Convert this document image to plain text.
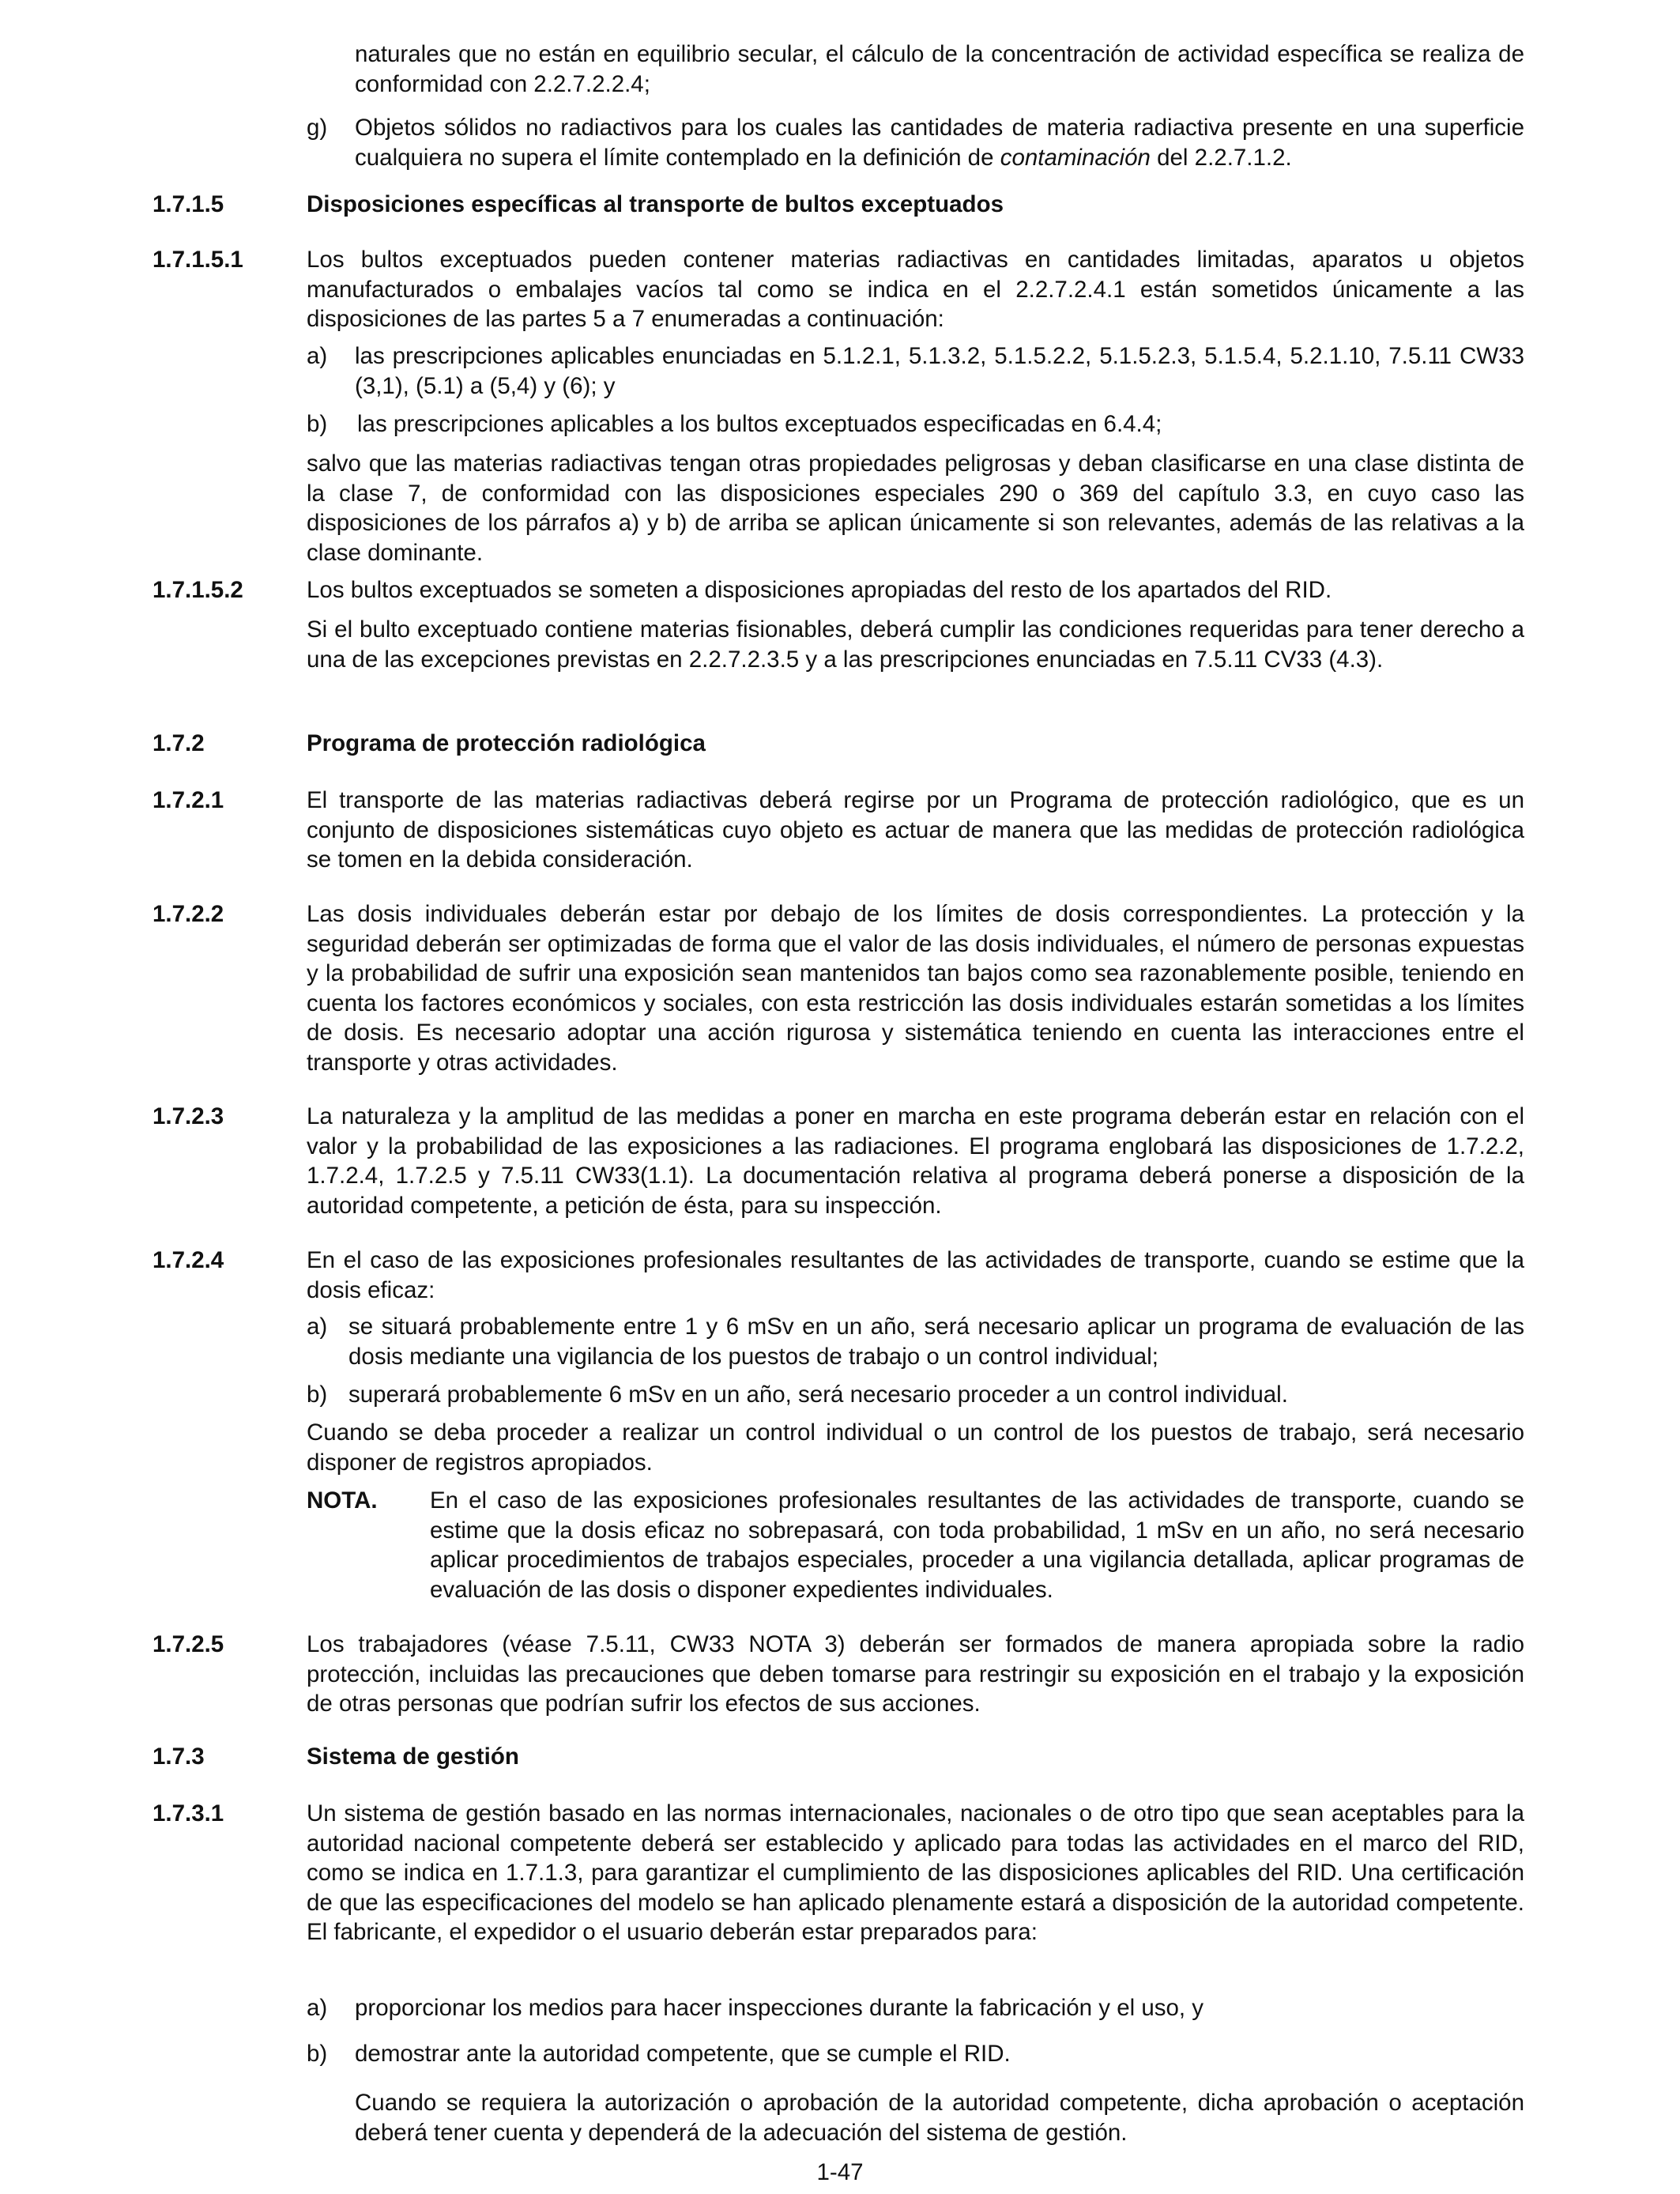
naturales que no están en equilibrio secular, el cálculo de la concentración de actividad específica se realiza de conformidad con 2.2.7.2.2.4;

g) Objetos sólidos no radiactivos para los cuales las cantidades de materia radiactiva presente en una superficie cualquiera no supera el límite contemplado en la definición de contaminación del 2.2.7.1.2.

1.7.1.5	Disposiciones específicas al transporte de bultos exceptuados
1.7.1.5.1	Los bultos exceptuados pueden contener materias radiactivas en cantidades limitadas, aparatos u objetos manufacturados o embalajes vacíos tal como se indica en el 2.2.7.2.4.1 están sometidos únicamente a las disposiciones de las partes 5 a 7 enumeradas a continuación:

a) las prescripciones aplicables enunciadas en 5.1.2.1, 5.1.3.2, 5.1.5.2.2, 5.1.5.2.3, 5.1.5.4, 5.2.1.10, 7.5.11 CW33 (3,1), (5.1) a (5,4) y (6); y

b) las prescripciones aplicables a los bultos exceptuados especificadas en 6.4.4;

salvo que las materias radiactivas tengan otras propiedades peligrosas y deban clasificarse en una clase distinta de la clase 7, de conformidad con las disposiciones especiales 290 o 369 del capítulo 3.3, en cuyo caso las disposiciones de los párrafos a) y b) de arriba se aplican únicamente si son relevantes, además de las relativas a la clase dominante.

1.7.1.5.2	Los bultos exceptuados se someten a disposiciones apropiadas del resto de los apartados del RID.

Si el bulto exceptuado contiene materias fisionables, deberá cumplir las condiciones requeridas para tener derecho a una de las excepciones previstas en 2.2.7.2.3.5 y a las prescripciones enunciadas en 7.5.11 CV33 (4.3).

1.7.2	Programa de protección radiológica
1.7.2.1	El transporte de las materias radiactivas deberá regirse por un Programa de protección radiológico, que es un conjunto de disposiciones sistemáticas cuyo objeto es actuar de manera que las medidas de protección radiológica se tomen en la debida consideración.

1.7.2.2	Las dosis individuales deberán estar por debajo de los límites de dosis correspondientes. La protección y la seguridad deberán ser optimizadas de forma que el valor de las dosis individuales, el número de personas expuestas y la probabilidad de sufrir una exposición sean mantenidos tan bajos como sea razonablemente posible, teniendo en cuenta los factores económicos y sociales, con esta restricción las dosis individuales estarán sometidas a los límites de dosis. Es necesario adoptar una acción rigurosa y sistemática teniendo en cuenta las interacciones entre el transporte y otras actividades.

1.7.2.3	La naturaleza y la amplitud de las medidas a poner en marcha en este programa deberán estar en relación con el valor y la probabilidad de las exposiciones a las radiaciones. El programa englobará las disposiciones de 1.7.2.2, 1.7.2.4, 1.7.2.5 y 7.5.11 CW33(1.1). La documentación relativa al programa deberá ponerse a disposición de la autoridad competente, a petición de ésta, para su inspección.

1.7.2.4	En el caso de las exposiciones profesionales resultantes de las actividades de transporte, cuando se estime que la dosis eficaz:

a) se situará probablemente entre 1 y 6 mSv en un año, será necesario aplicar un programa de evaluación de las dosis mediante una vigilancia de los puestos de trabajo o un control individual;

b) superará probablemente 6 mSv en un año, será necesario proceder a un control individual.

Cuando se deba proceder a realizar un control individual o un control de los puestos de trabajo, será necesario disponer de registros apropiados.

NOTA. En el caso de las exposiciones profesionales resultantes de las actividades de transporte, cuando se estime que la dosis eficaz no sobrepasará, con toda probabilidad, 1 mSv en un año, no será necesario aplicar procedimientos de trabajos especiales, proceder a una vigilancia detallada, aplicar programas de evaluación de las dosis o disponer expedientes individuales.

1.7.2.5	Los trabajadores (véase 7.5.11, CW33 NOTA 3) deberán ser formados de manera apropiada sobre la radio protección, incluidas las precauciones que deben tomarse para restringir su exposición en el trabajo y la exposición de otras personas que podrían sufrir los efectos de sus acciones.

1.7.3	Sistema de gestión
1.7.3.1	Un sistema de gestión basado en las normas internacionales, nacionales o de otro tipo que sean aceptables para la autoridad nacional competente deberá ser establecido y aplicado para todas las actividades en el marco del RID, como se indica en 1.7.1.3, para garantizar el cumplimiento de las disposiciones aplicables del RID. Una certificación de que las especificaciones del modelo se han aplicado plenamente estará a disposición de la autoridad competente. El fabricante, el expedidor o el usuario deberán estar preparados para:

a) proporcionar los medios para hacer inspecciones durante la fabricación y el uso, y

b) demostrar ante la autoridad competente, que se cumple el RID.

Cuando se requiera la autorización o aprobación de la autoridad competente, dicha aprobación o aceptación deberá tener cuenta y dependerá de la adecuación del sistema de gestión.

1-47
